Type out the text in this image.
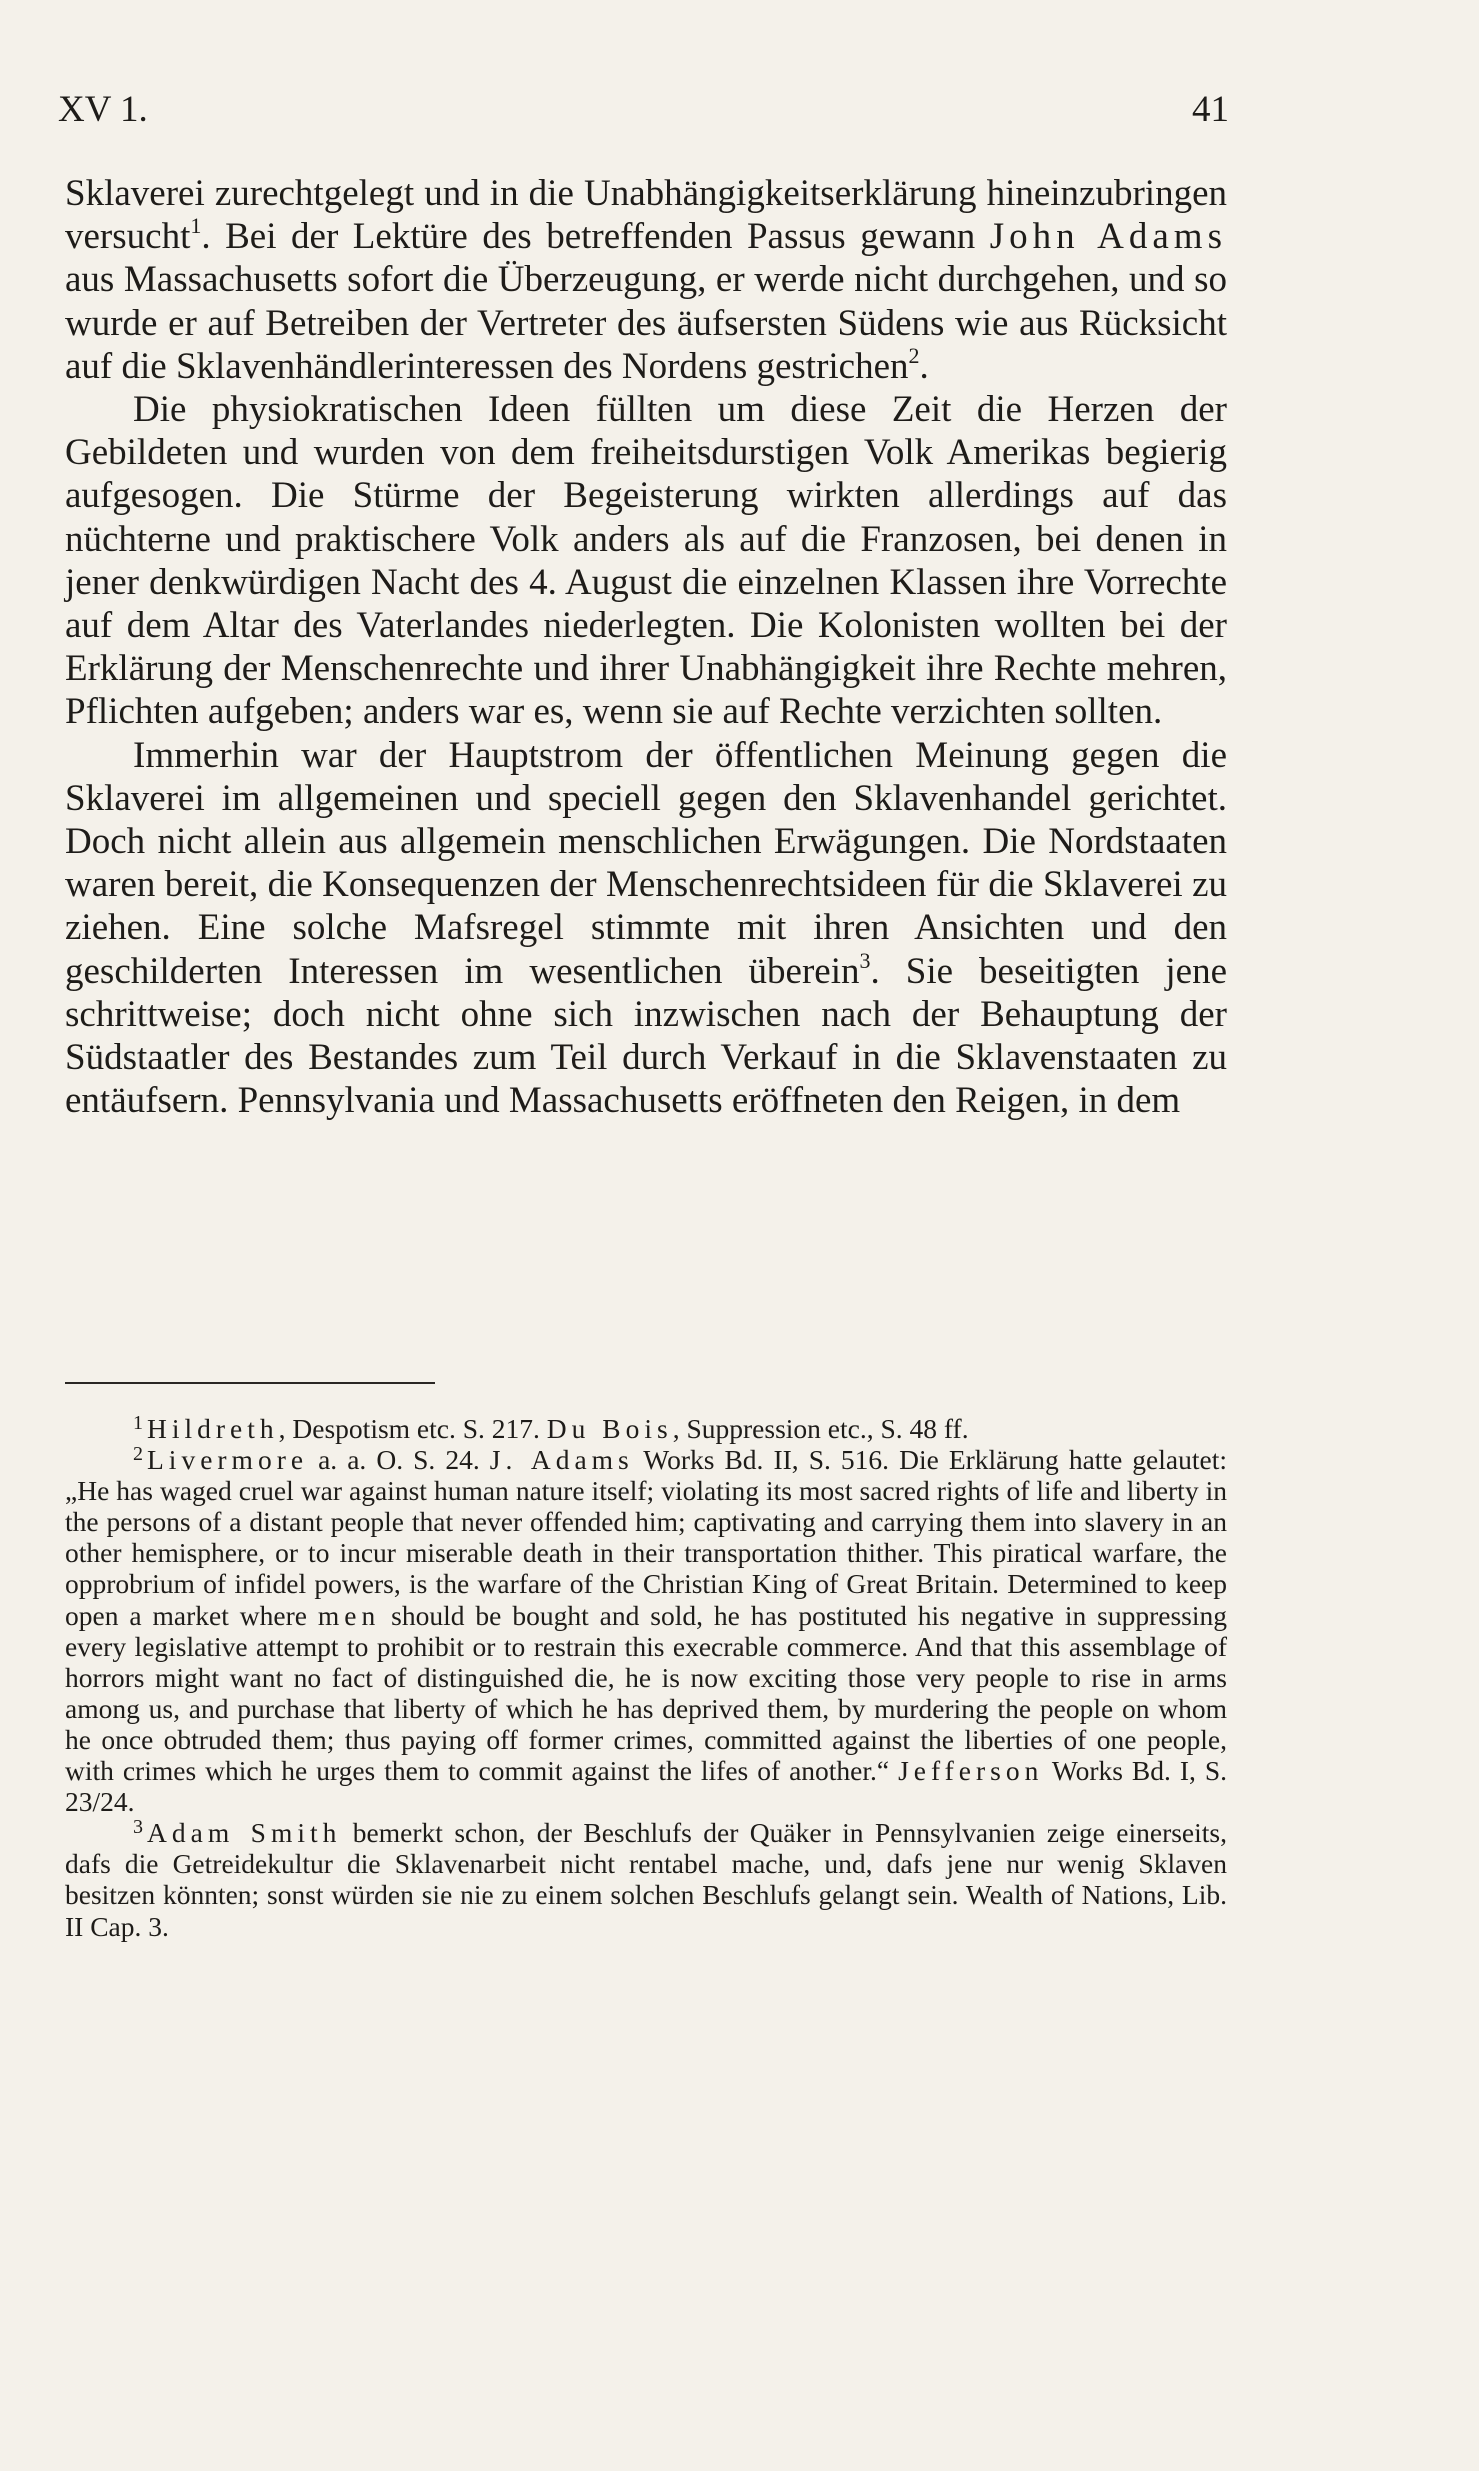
XV 1.	41

Sklaverei zurechtgelegt und in die Unabhängigkeitserklärung hineinzubringen versucht$^1$. Bei der Lektüre des betreffenden Passus gewann John Adams aus Massachusetts sofort die Überzeugung, er werde nicht durchgehen, und so wurde er auf Betreiben der Vertreter des äufsersten Südens wie aus Rücksicht auf die Sklavenhändlerinteressen des Nordens gestrichen$^2$.

Die physiokratischen Ideen füllten um diese Zeit die Herzen der Gebildeten und wurden von dem freiheitsdurstigen Volk Amerikas begierig aufgesogen. Die Stürme der Begeisterung wirkten allerdings auf das nüchterne und praktischere Volk anders als auf die Franzosen, bei denen in jener denkwürdigen Nacht des 4. August die einzelnen Klassen ihre Vorrechte auf dem Altar des Vaterlandes niederlegten. Die Kolonisten wollten bei der Erklärung der Menschenrechte und ihrer Unabhängigkeit ihre Rechte mehren, Pflichten aufgeben; anders war es, wenn sie auf Rechte verzichten sollten.

Immerhin war der Hauptstrom der öffentlichen Meinung gegen die Sklaverei im allgemeinen und speciell gegen den Sklavenhandel gerichtet. Doch nicht allein aus allgemein menschlichen Erwägungen. Die Nordstaaten waren bereit, die Konsequenzen der Menschenrechtsideen für die Sklaverei zu ziehen. Eine solche Mafsregel stimmte mit ihren Ansichten und den geschilderten Interessen im wesentlichen überein$^3$. Sie beseitigten jene schrittweise; doch nicht ohne sich inzwischen nach der Behauptung der Südstaatler des Bestandes zum Teil durch Verkauf in die Sklavenstaaten zu entäufsern. Pennsylvania und Massachusetts eröffneten den Reigen, in dem

$^1$ Hildreth, Despotism etc. S. 217. Du Bois, Suppression etc., S. 48 ff.

$^2$ Livermore a. a. O. S. 24. J. Adams Works Bd. II, S. 516. Die Erklärung hatte gelautet: „He has waged cruel war against human nature itself; violating its most sacred rights of life and liberty in the persons of a distant people that never offended him; captivating and carrying them into slavery in an other hemisphere, or to incur miserable death in their transportation thither. This piratical warfare, the opprobrium of infidel powers, is the warfare of the Christian King of Great Britain. Determined to keep open a market where men should be bought and sold, he has postituted his negative in suppressing every legislative attempt to prohibit or to restrain this execrable commerce. And that this assemblage of horrors might want no fact of distinguished die, he is now exciting those very people to rise in arms among us, and purchase that liberty of which he has deprived them, by murdering the people on whom he once obtruded them; thus paying off former crimes, committed against the liberties of one people, with crimes which he urges them to commit against the lifes of another.“ Jefferson Works Bd. I, S. 23/24.

$^3$ Adam Smith bemerkt schon, der Beschlufs der Quäker in Pennsylvanien zeige einerseits, dafs die Getreidekultur die Sklavenarbeit nicht rentabel mache, und, dafs jene nur wenig Sklaven besitzen könnten; sonst würden sie nie zu einem solchen Beschlufs gelangt sein. Wealth of Nations, Lib. II Cap. 3.
